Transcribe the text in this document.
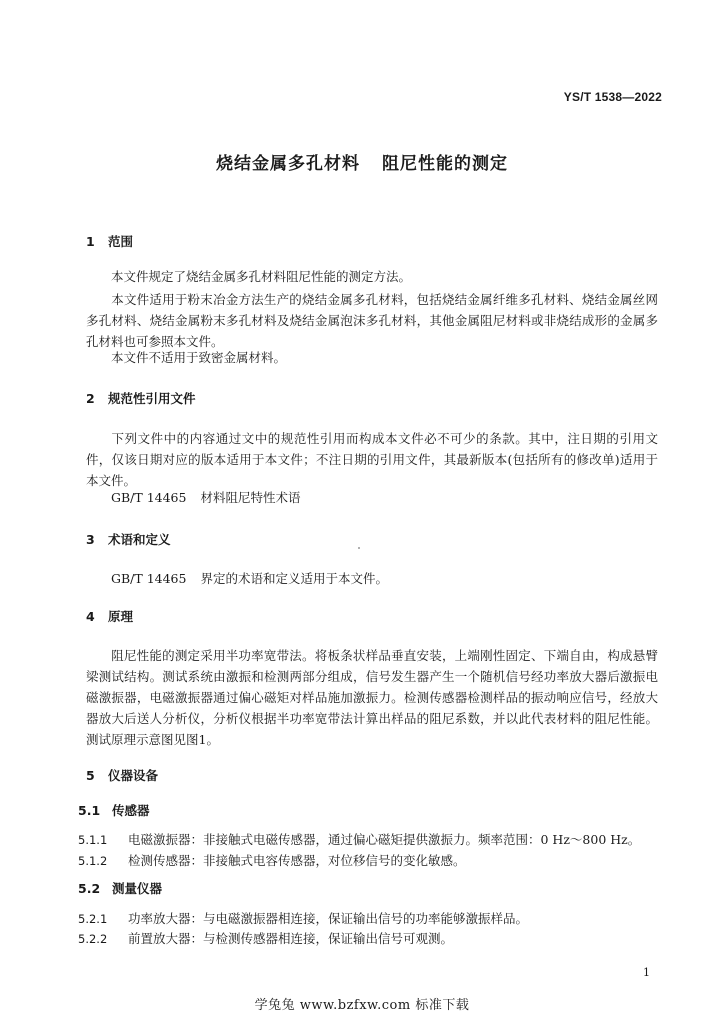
YS/T 1538—2022
烧结金属多孔材料 阻尼性能的测定
1 范围
本文件规定了烧结金属多孔材料阻尼性能的测定方法。
本文件适用于粉末冶金方法生产的烧结金属多孔材料，包括烧结金属纤维多孔材料、烧结金属丝网多孔材料、烧结金属粉末多孔材料及烧结金属泡沫多孔材料，其他金属阻尼材料或非烧结成形的金属多孔材料也可参照本文件。
本文件不适用于致密金属材料。
2 规范性引用文件
下列文件中的内容通过文中的规范性引用而构成本文件必不可少的条款。其中，注日期的引用文件，仅该日期对应的版本适用于本文件；不注日期的引用文件，其最新版本(包括所有的修改单)适用于本文件。
GB/T 14465 材料阻尼特性术语
3 术语和定义
GB/T 14465 界定的术语和定义适用于本文件。
4 原理
阻尼性能的测定采用半功率宽带法。将板条状样品垂直安装，上端刚性固定、下端自由，构成悬臂梁测试结构。测试系统由激振和检测两部分组成，信号发生器产生一个随机信号经功率放大器后激振电磁激振器，电磁激振器通过偏心磁矩对样品施加激振力。检测传感器检测样品的振动响应信号，经放大器放大后送人分析仪，分析仪根据半功率宽带法计算出样品的阻尼系数，并以此代表材料的阻尼性能。测试原理示意图见图1。
5 仪器设备
5.1 传感器
5.1.1 电磁激振器：非接触式电磁传感器，通过偏心磁矩提供激振力。频率范围：0 Hz～800 Hz。
5.1.2 检测传感器：非接触式电容传感器，对位移信号的变化敏感。
5.2 测量仪器
5.2.1 功率放大器：与电磁激振器相连接，保证输出信号的功率能够激振样品。
5.2.2 前置放大器：与检测传感器相连接，保证输出信号可观测。
1
学兔兔 www.bzfxw.com 标准下载
